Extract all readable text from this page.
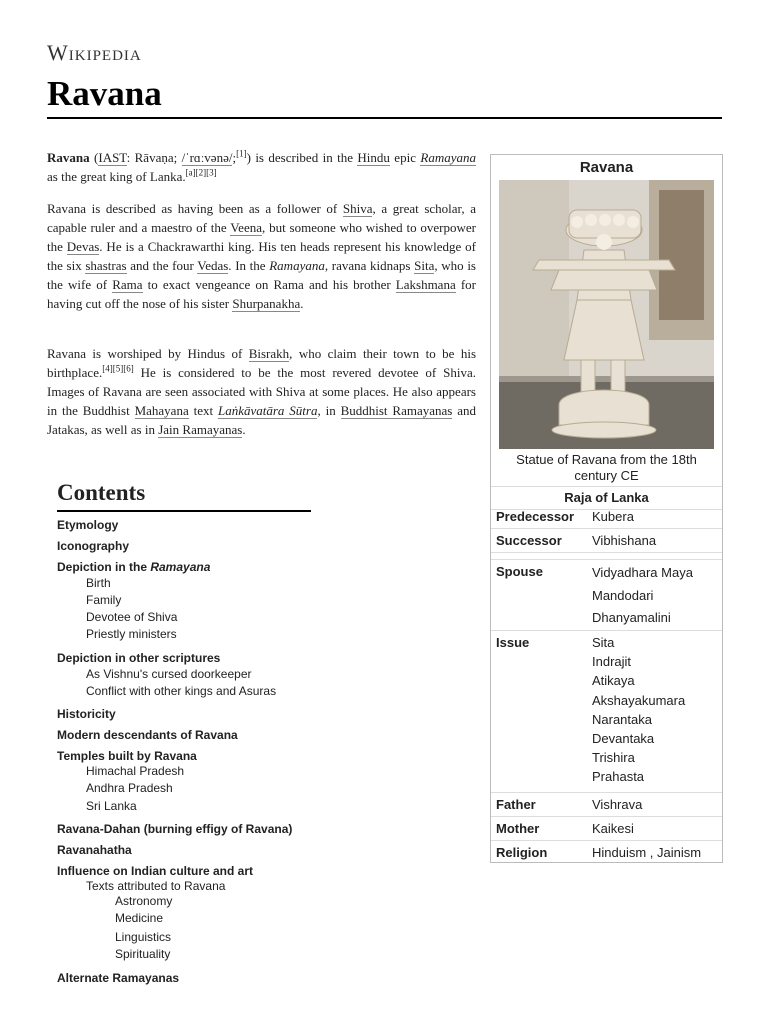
Wikipedia
Ravana

Ravana (IAST: Rāvaṇa; /ˈrɑːvənə/;[1]) is described in the Hindu epic Ramayana as the great king of Lanka.[a][2][3]

Ravana is described as having been as a follower of Shiva, a great scholar, a capable ruler and a maestro of the Veena, but someone who wished to overpower the Devas. He is a Chackrawarthi king. His ten heads represent his knowledge of the six shastras and the four Vedas. In the Ramayana, ravana kidnaps Sita, who is the wife of Rama to exact vengeance on Rama and his brother Lakshmana for having cut off the nose of his sister Shurpanakha.

Ravana is worshiped by Hindus of Bisrakh, who claim their town to be his birthplace.[4][5][6] He is considered to be the most revered devotee of Shiva. Images of Ravana are seen associated with Shiva at some places. He also appears in the Buddhist Mahayana text Laṅkāvatāra Sūtra, in Buddhist Ramayanas and Jatakas, as well as in Jain Ramayanas.

Ravana
Statue of Ravana from the 18th century CE
Raja of Lanka
Predecessor Kubera
Successor Vibhishana
Spouse	Vidyadhara Maya
Mandodari
Dhanyamalini
Issue	Sita
Indrajit
Atikaya
Akshayakumara
Narantaka
Devantaka
Trishira
Prahasta
Father	Vishrava
Mother	Kaikesi
Religion	Hinduism , Jainism
Contents
Etymology
Iconography
Depiction in the Ramayana
Birth
Family
Devotee of Shiva
Priestly ministers
Depiction in other scriptures
As Vishnu's cursed doorkeeper
Conflict with other kings and Asuras
Historicity
Modern descendants of Ravana
Temples built by Ravana
Himachal Pradesh
Andhra Pradesh
Sri Lanka
Ravana-Dahan (burning effigy of Ravana)
Ravanahatha
Influence on Indian culture and art
Texts attributed to Ravana
Astronomy
Medicine
Linguistics
Spirituality
Alternate Ramayanas
